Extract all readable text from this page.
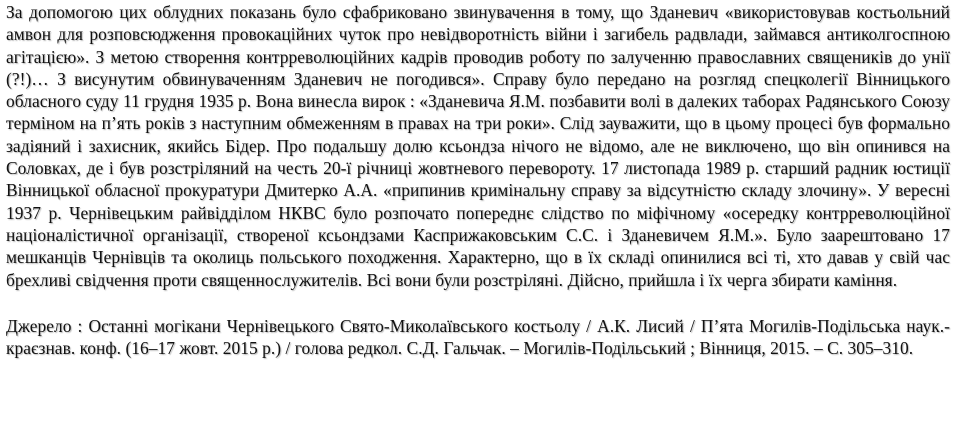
За допомогою цих облудних показань було сфабриковано звинувачення в тому, що Зданевич «використовував костьольний амвон для розповсюдження провокаційних чуток про невідворотність війни і загибель радвлади, займався антиколгоспною агітацією». З метою створення контрреволюційних кадрів проводив роботу по залученню православних священиків до унії (?!)… З висунутим обвинуваченням Зданевич не погодився». Справу було передано на розгляд спецколегії Вінницького обласного суду 11 грудня 1935 р. Вона винесла вирок : «Зданевича Я.М. позбавити волі в далеких таборах Радянського Союзу терміном на п’ять років з наступним обмеженням в правах на три роки». Слід зауважити, що в цьому процесі був формально задіяний і захисник, якийсь Бідер. Про подальшу долю ксьондза нічого не відомо, але не виключено, що він опинився на Соловках, де і був розстріляний на честь 20-ї річниці жовтневого перевороту. 17 листопада 1989 р. старший радник юстиції Вінницької обласної прокуратури Дмитерко А.А. «припинив кримінальну справу за відсутністю складу злочину». У вересні 1937 р. Чернівецьким райвідділом НКВС було розпочато попереднє слідство по міфічному «осередку контрреволюційної націоналістичної організації, створеної ксьондзами Касприжаковським С.С. і Зданевичем Я.М.». Було заарештовано 17 мешканців Чернівців та околиць польського походження. Характерно, що в їх складі опинилися всі ті, хто давав у свій час брехливі свідчення проти священнослужителів. Всі вони були розстріляні. Дійсно, прийшла і їх черга збирати каміння.

Джерело : Останні могікани Чернівецького Свято-Миколаївського костьолу / А.К. Лисий / П’ята Могилів-Подільська наук.-краєзнав. конф. (16–17 жовт. 2015 р.) / голова редкол. С.Д. Гальчак. – Могилів-Подільський ; Вінниця, 2015. – С. 305–310.
